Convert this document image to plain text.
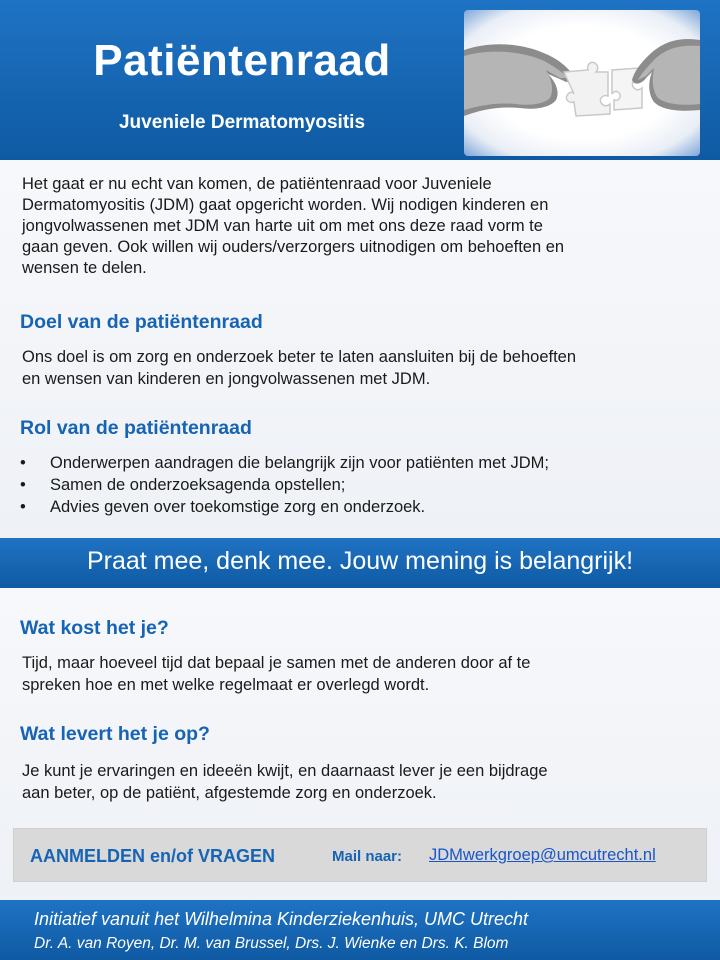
Patiëntenraad
Juveniele Dermatomyositis
Het gaat er nu echt van komen, de patiëntenraad voor Juveniele
Dermatomyositis (JDM) gaat opgericht worden. Wij nodigen kinderen en
jongvolwassenen met JDM van harte uit om met ons deze raad vorm te
gaan geven. Ook willen wij ouders/verzorgers uitnodigen om behoeften en
wensen te delen.
Doel van de patiëntenraad
Ons doel is om zorg en onderzoek beter te laten aansluiten bij de behoeften
en wensen van kinderen en jongvolwassenen met JDM.
Rol van de patiëntenraad
• Onderwerpen aandragen die belangrijk zijn voor patiënten met JDM;
• Samen de onderzoeksagenda opstellen;
• Advies geven over toekomstige zorg en onderzoek.
Praat mee, denk mee. Jouw mening is belangrijk!
Wat kost het je?
Tijd, maar hoeveel tijd dat bepaal je samen met de anderen door af te
spreken hoe en met welke regelmaat er overlegd wordt.
Wat levert het je op?
Je kunt je ervaringen en ideeën kwijt, en daarnaast lever je een bijdrage
aan beter, op de patiënt, afgestemde zorg en onderzoek.
AANMELDEN en/of VRAGEN	Mail naar: JDMwerkgroep@umcutrecht.nl
Initiatief vanuit het Wilhelmina Kinderziekenhuis, UMC Utrecht
Dr. A. van Royen, Dr. M. van Brussel, Drs. J. Wienke en Drs. K. Blom
